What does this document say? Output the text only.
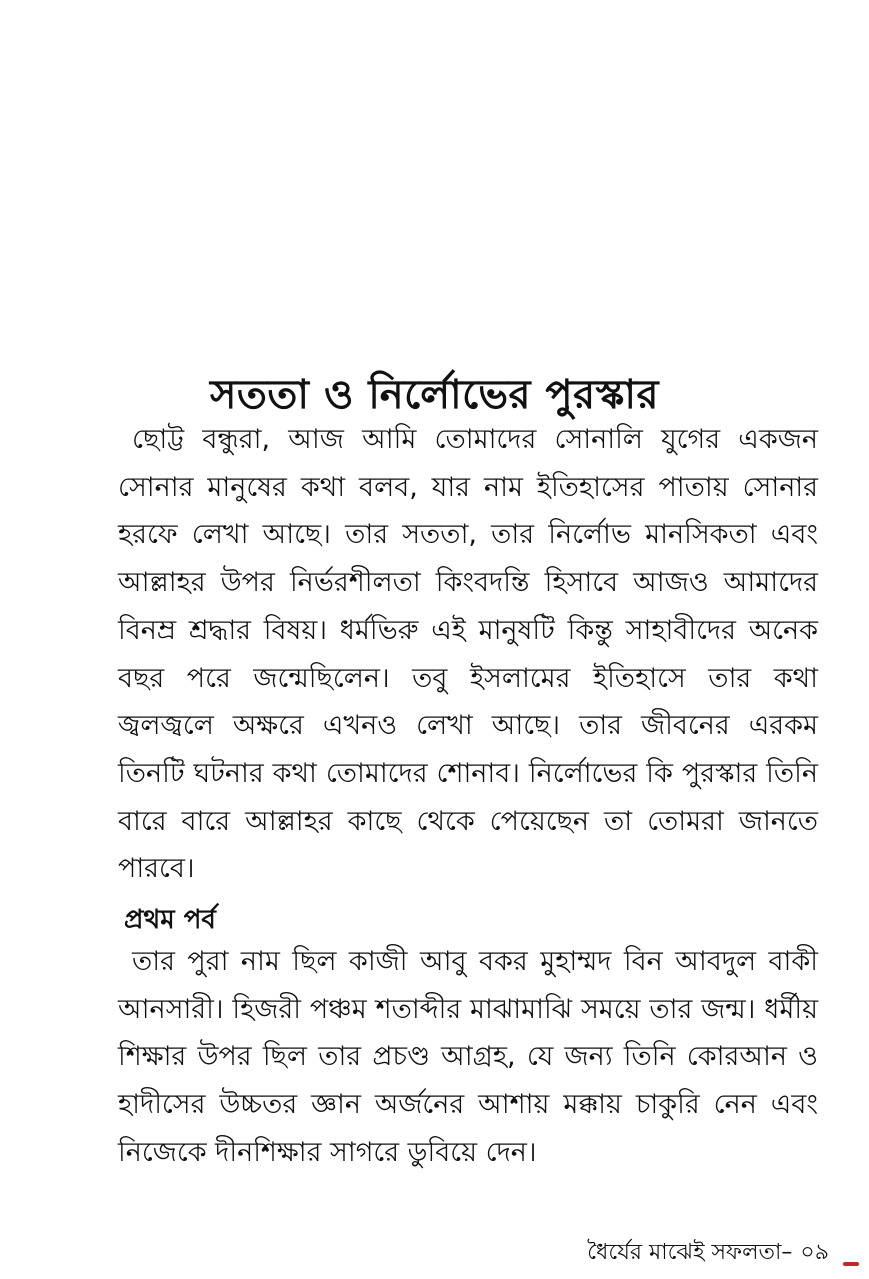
সততা ও নির্লোভের পুরস্কার

ছোট্ট বন্ধুরা, আজ আমি তোমাদের সোনালি যুগের একজন সোনার মানুষের কথা বলব, যার নাম ইতিহাসের পাতায় সোনার হরফে লেখা আছে। তার সততা, তার নির্লোভ মানসিকতা এবং আল্লাহর উপর নির্ভরশীলতা কিংবদন্তি হিসাবে আজও আমাদের বিনম্র শ্রদ্ধার বিষয়। ধর্মভিরু এই মানুষটি কিন্তু সাহাবীদের অনেক বছর পরে জন্মেছিলেন। তবু ইসলামের ইতিহাসে তার কথা জ্বলজ্বলে অক্ষরে এখনও লেখা আছে। তার জীবনের এরকম তিনটি ঘটনার কথা তোমাদের শোনাব। নির্লোভের কি পুরস্কার তিনি বারে বারে আল্লাহর কাছে থেকে পেয়েছেন তা তোমরা জানতে পারবে।

প্রথম পর্ব

তার পুরা নাম ছিল কাজী আবু বকর মুহাম্মদ বিন আবদুল বাকী আনসারী। হিজরী পঞ্চম শতাব্দীর মাঝামাঝি সময়ে তার জন্ম। ধর্মীয় শিক্ষার উপর ছিল তার প্রচণ্ড আগ্রহ, যে জন্য তিনি কোরআন ও হাদীসের উচ্চতর জ্ঞান অর্জনের আশায় মক্কায় চাকুরি নেন এবং নিজেকে দীনশিক্ষার সাগরে ডুবিয়ে দেন।

ধৈর্যের মাঝেই সফলতা– ০৯
